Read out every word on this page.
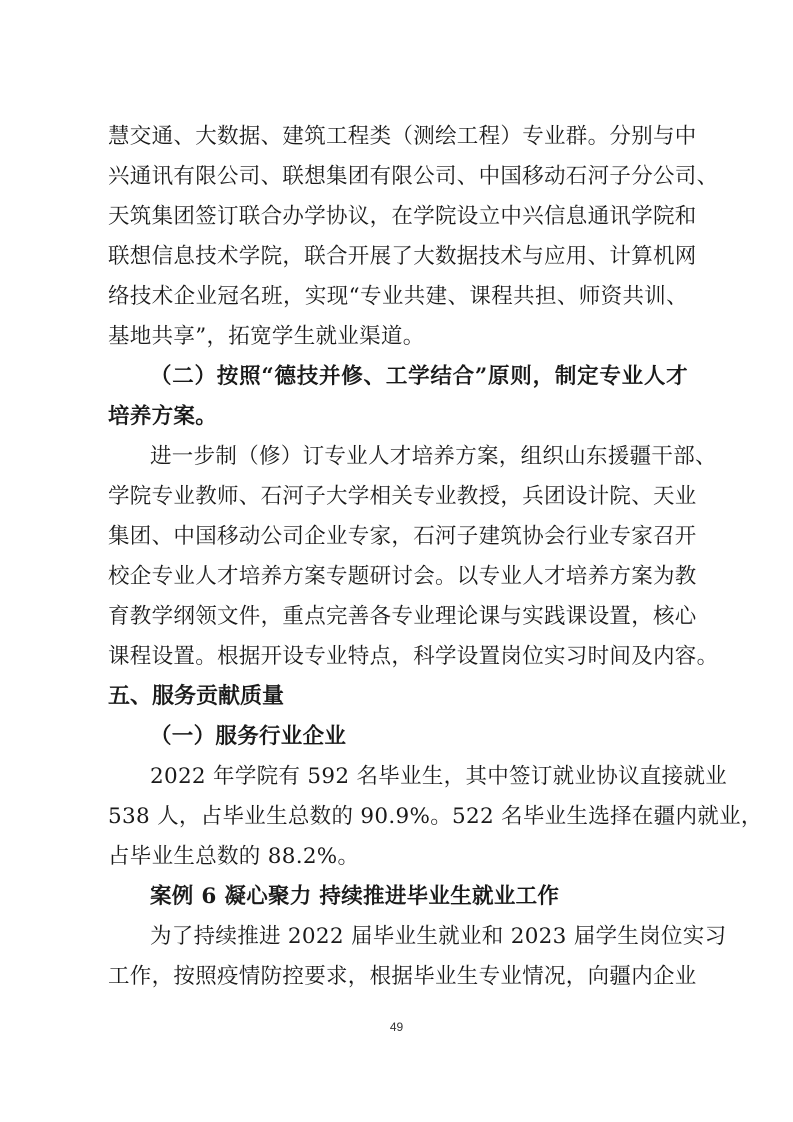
慧交通、大数据、建筑工程类（测绘工程）专业群。分别与中
兴通讯有限公司、联想集团有限公司、中国移动石河子分公司、
天筑集团签订联合办学协议，在学院设立中兴信息通讯学院和
联想信息技术学院，联合开展了大数据技术与应用、计算机网
络技术企业冠名班，实现“专业共建、课程共担、师资共训、
基地共享”，拓宽学生就业渠道。
（二）按照“德技并修、工学结合”原则，制定专业人才
培养方案。
进一步制（修）订专业人才培养方案，组织山东援疆干部、
学院专业教师、石河子大学相关专业教授，兵团设计院、天业
集团、中国移动公司企业专家，石河子建筑协会行业专家召开
校企专业人才培养方案专题研讨会。以专业人才培养方案为教
育教学纲领文件，重点完善各专业理论课与实践课设置，核心
课程设置。根据开设专业特点，科学设置岗位实习时间及内容。
五、服务贡献质量
（一）服务行业企业
2022 年学院有 592 名毕业生，其中签订就业协议直接就业
538 人，占毕业生总数的 90.9%。522 名毕业生选择在疆内就业，
占毕业生总数的 88.2%。
案例 6 凝心聚力 持续推进毕业生就业工作
为了持续推进 2022 届毕业生就业和 2023 届学生岗位实习
工作，按照疫情防控要求，根据毕业生专业情况，向疆内企业
49
